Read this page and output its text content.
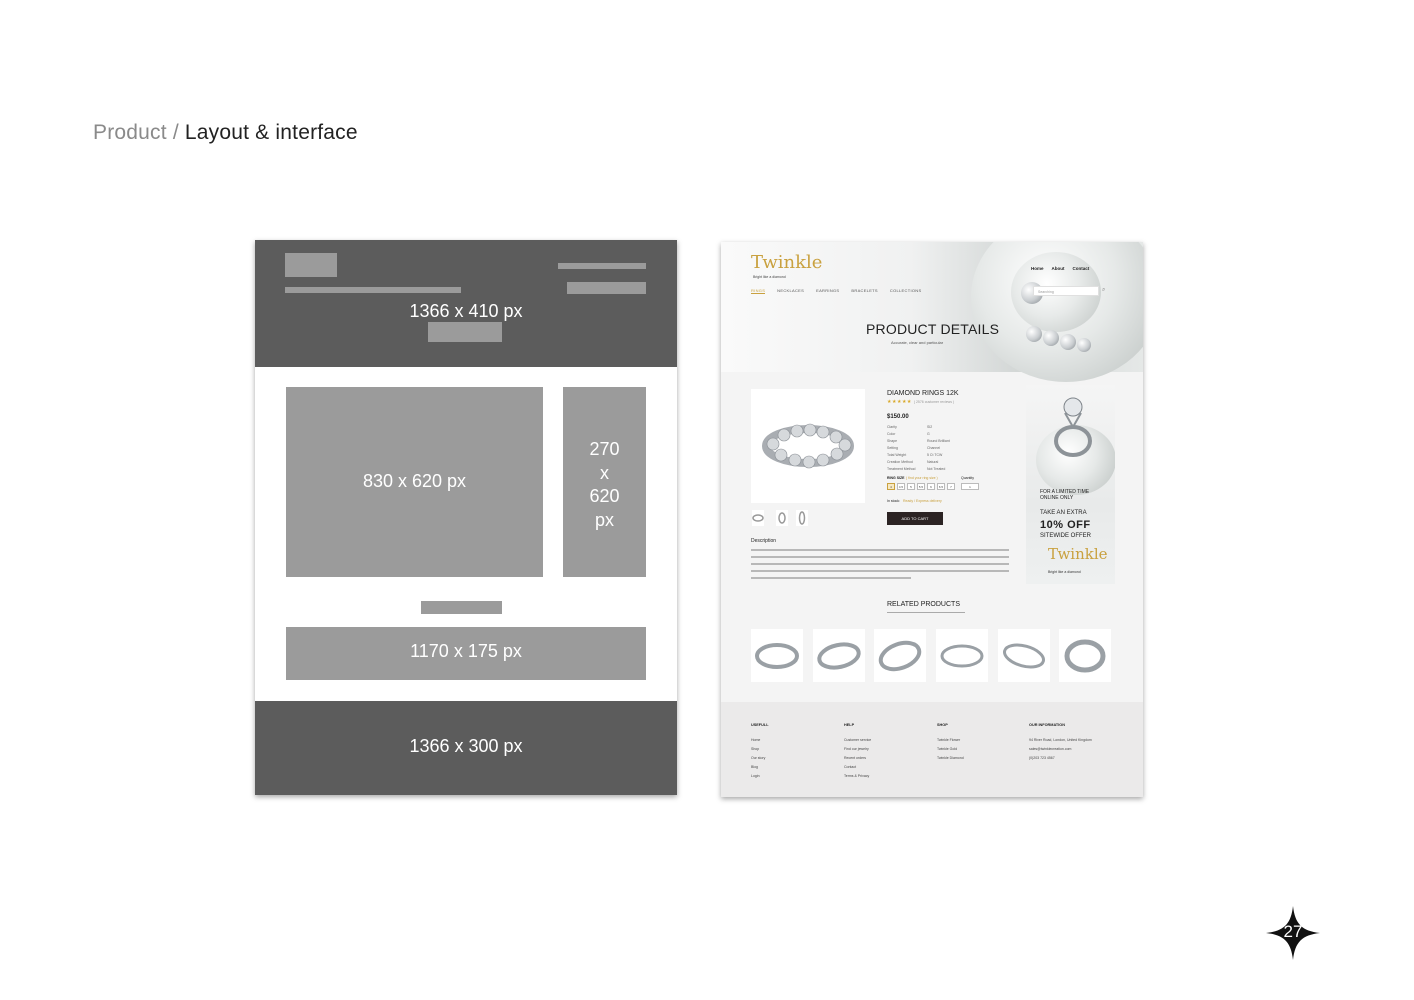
Product / Layout & interface
1366 x 410 px
830 x 620 px
270
x
620
px
1170 x 175 px
1366 x 300 px
Twinkle
Bright like a diamond
RINGS	NECKLACES	EARRINGS	BRACELETS	COLLECTIONS
Home About Contact
Searching	⌕
PRODUCT DETAILS
Accurate, clear and particular
DIAMOND RINGS 12K
★★★★★ ( 2576 customer reviews )
$150.00
Clarity	SI2
Color	G
Shape	Round Brilliant
Setting	Channel
Total Weight	5 Ct TCW
Creation Method	Natural
Treatment Method	Not Treated
RING SIZE ( find your ring size )	Quantity
4	4.5	5	5.5	6	6.5	7	1
In stock: Ready / Express delivery
ADD TO CART
Description
FOR A LIMITED TIME
ONLINE ONLY
TAKE AN EXTRA
10% OFF
SITEWIDE OFFER
Twinkle
Bright like a diamond
RELATED PRODUCTS
USEFULL
Home
Shop
Our story
Blog
Login
HELP
Customer service
Find our jewelry
Recent orders
Contact
Terms & Privacy
SHOP
Twinkle Flower
Twinkle Gold
Twinkle Diamond
OUR INFORMATION
94 River Road, London, United Kingdom
sales@twinklecreation.com
(0)203 723 4567
27
